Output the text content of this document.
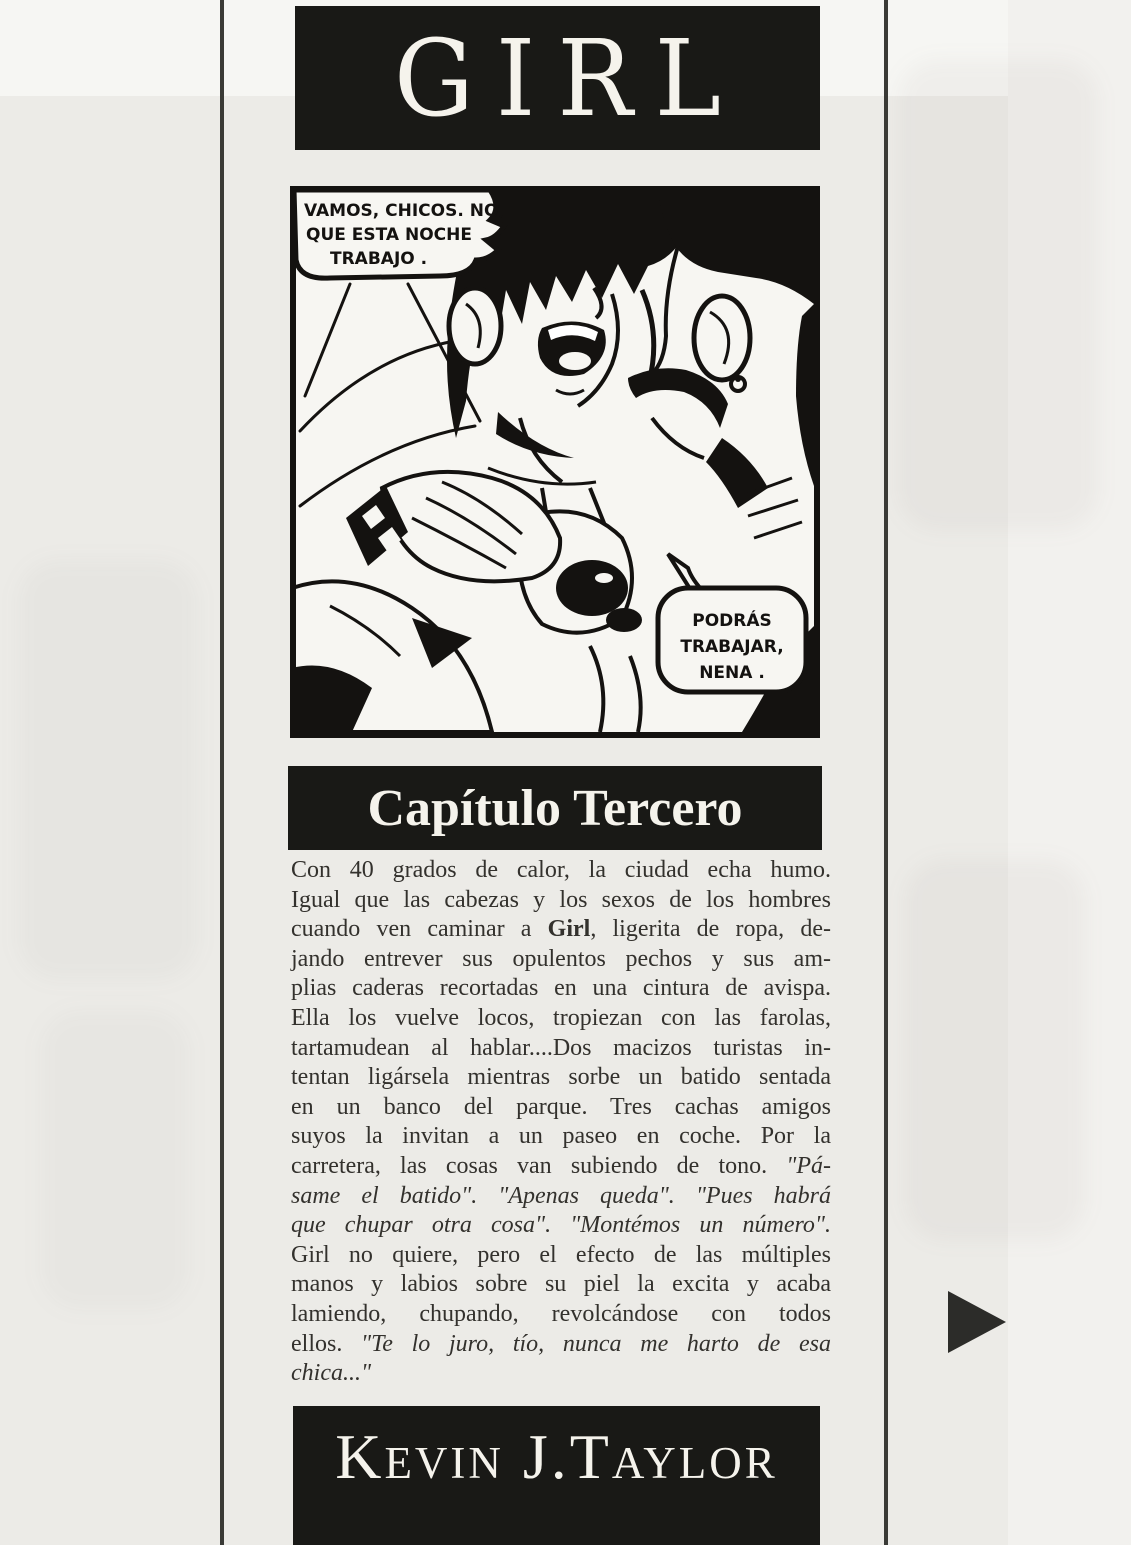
GIRL
VAMOS, CHICOS. NO,
QUE ESTA NOCHE
TRABAJO .
PODRÁS
TRABAJAR,
NENA .
Capítulo Tercero
Con 40 grados de calor, la ciudad echa humo.
Igual que las cabezas y los sexos de los hombres
cuando ven caminar a Girl, ligerita de ropa, de-
jando entrever sus opulentos pechos y sus am-
plias caderas recortadas en una cintura de avispa.
Ella los vuelve locos, tropiezan con las farolas,
tartamudean al hablar....Dos macizos turistas in-
tentan ligársela mientras sorbe un batido sentada
en un banco del parque. Tres cachas amigos
suyos la invitan a un paseo en coche. Por la
carretera, las cosas van subiendo de tono. "Pá-
same el batido". "Apenas queda". "Pues habrá
que chupar otra cosa". "Montémos un número".
Girl no quiere, pero el efecto de las múltiples
manos y labios sobre su piel la excita y acaba
lamiendo, chupando, revolcándose con todos
ellos. "Te lo juro, tío, nunca me harto de esa
chica..."
Kevin J.Taylor
